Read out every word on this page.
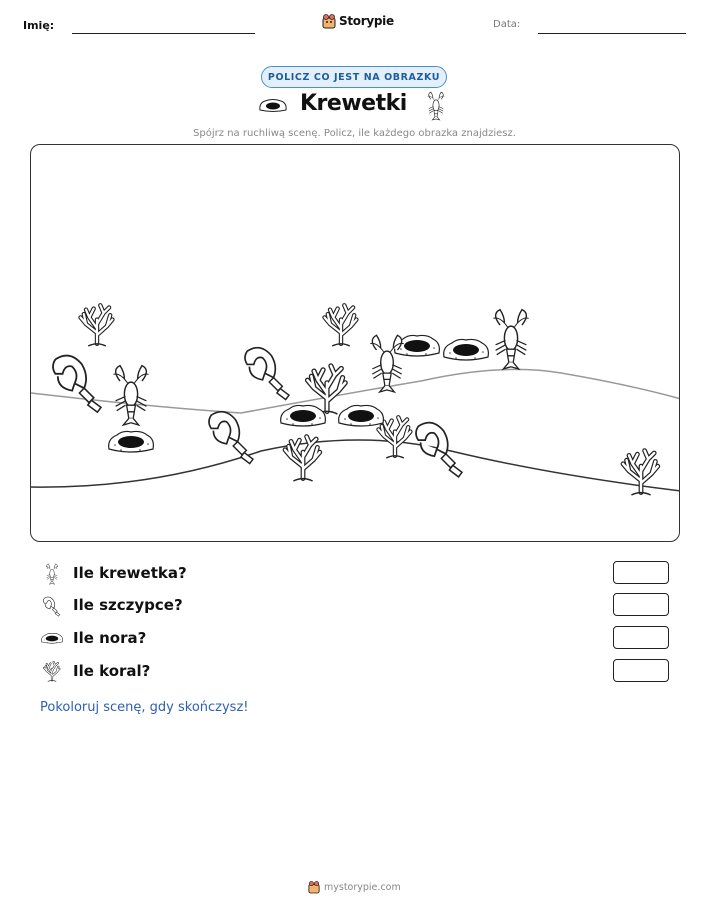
Imię:	Storypie	Data:
POLICZ CO JEST NA OBRAZKU
Krewetki
Spójrz na ruchliwą scenę. Policz, ile każdego obrazka znajdziesz.
Ile krewetka?
Ile szczypce?
Ile nora?
Ile koral?
Pokoloruj scenę, gdy skończysz!
mystorypie.com
